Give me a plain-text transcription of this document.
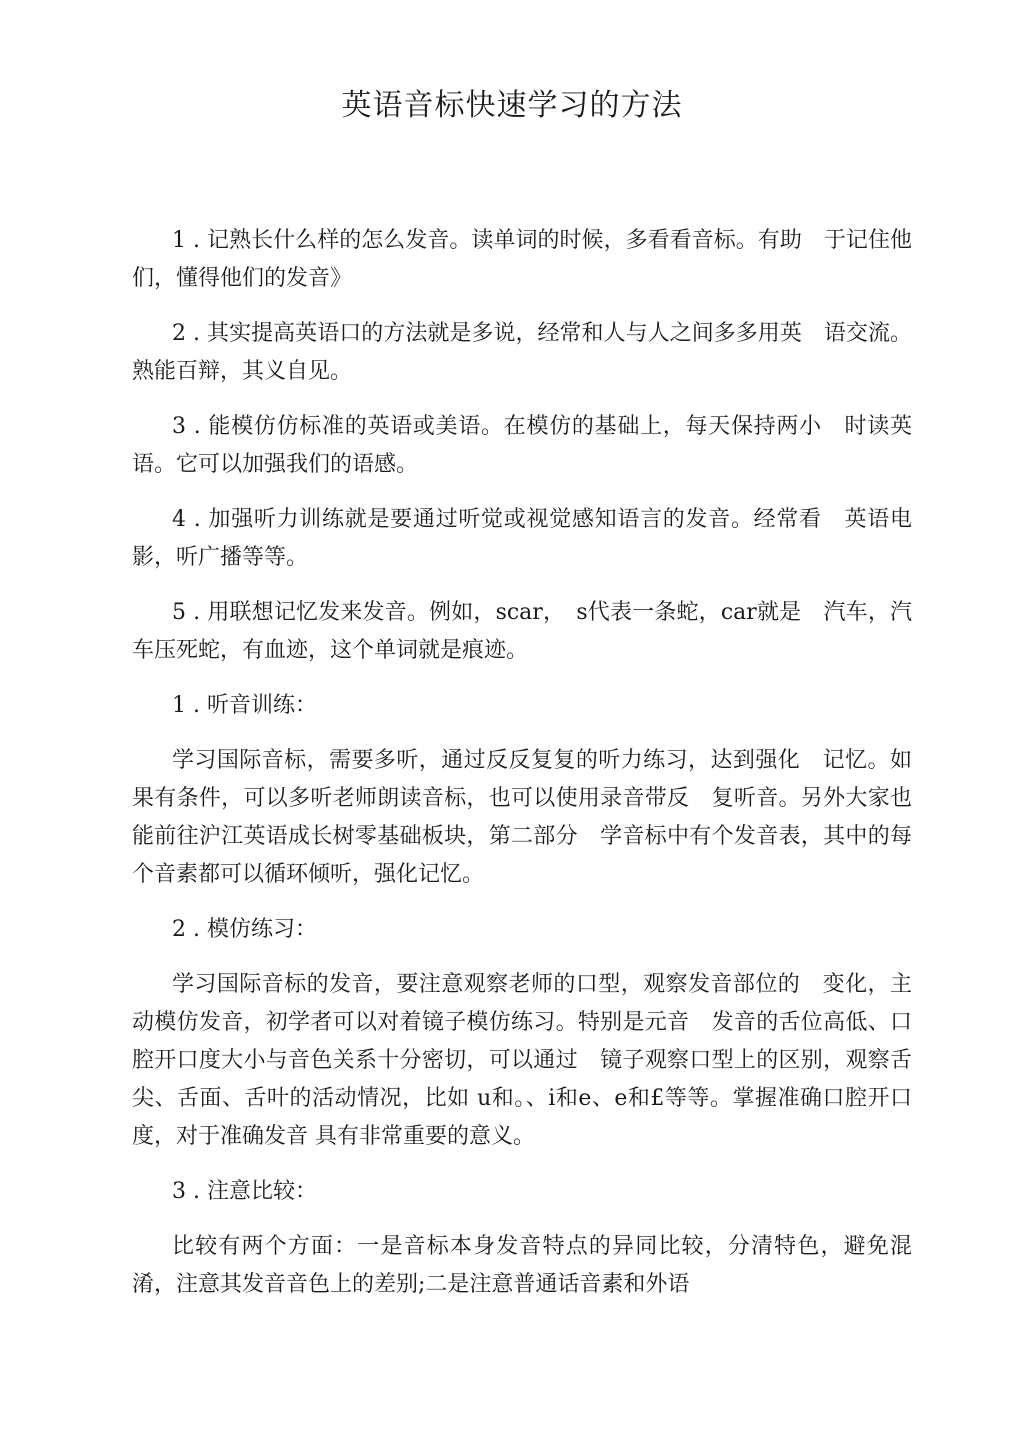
英语音标快速学习的方法

1 . 记熟长什么样的怎么发音。读单词的时候，多看看音标。有助　于记住他们，懂得他们的发音》

2 . 其实提高英语口的方法就是多说，经常和人与人之间多多用英　语交流。熟能百辩，其义自见。

3 . 能模仿仿标准的英语或美语。在模仿的基础上，每天保持两小　时读英语。它可以加强我们的语感。

4 . 加强听力训练就是要通过听觉或视觉感知语言的发音。经常看　英语电影，听广播等等。

5 . 用联想记忆发来发音。例如，scar，　s代表一条蛇，car就是　汽车，汽车压死蛇，有血迹，这个单词就是痕迹。

1 . 听音训练：

学习国际音标，需要多听，通过反反复复的听力练习，达到强化　记忆。如果有条件，可以多听老师朗读音标，也可以使用录音带反　复听音。另外大家也能前往沪江英语成长树零基础板块，第二部分　学音标中有个发音表，其中的每个音素都可以循环倾听，强化记忆。

2 . 模仿练习：

学习国际音标的发音，要注意观察老师的口型，观察发音部位的　变化，主动模仿发音，初学者可以对着镜子模仿练习。特别是元音　发音的舌位高低、口腔开口度大小与音色关系十分密切，可以通过　镜子观察口型上的区别，观察舌尖、舌面、舌叶的活动情况，比如 u和。、i和e、e和£等等。掌握准确口腔开口度，对于准确发音 具有非常重要的意义。

3 . 注意比较：

比较有两个方面：一是音标本身发音特点的异同比较，分清特色，避免混淆，注意其发音音色上的差别;二是注意普通话音素和外语
